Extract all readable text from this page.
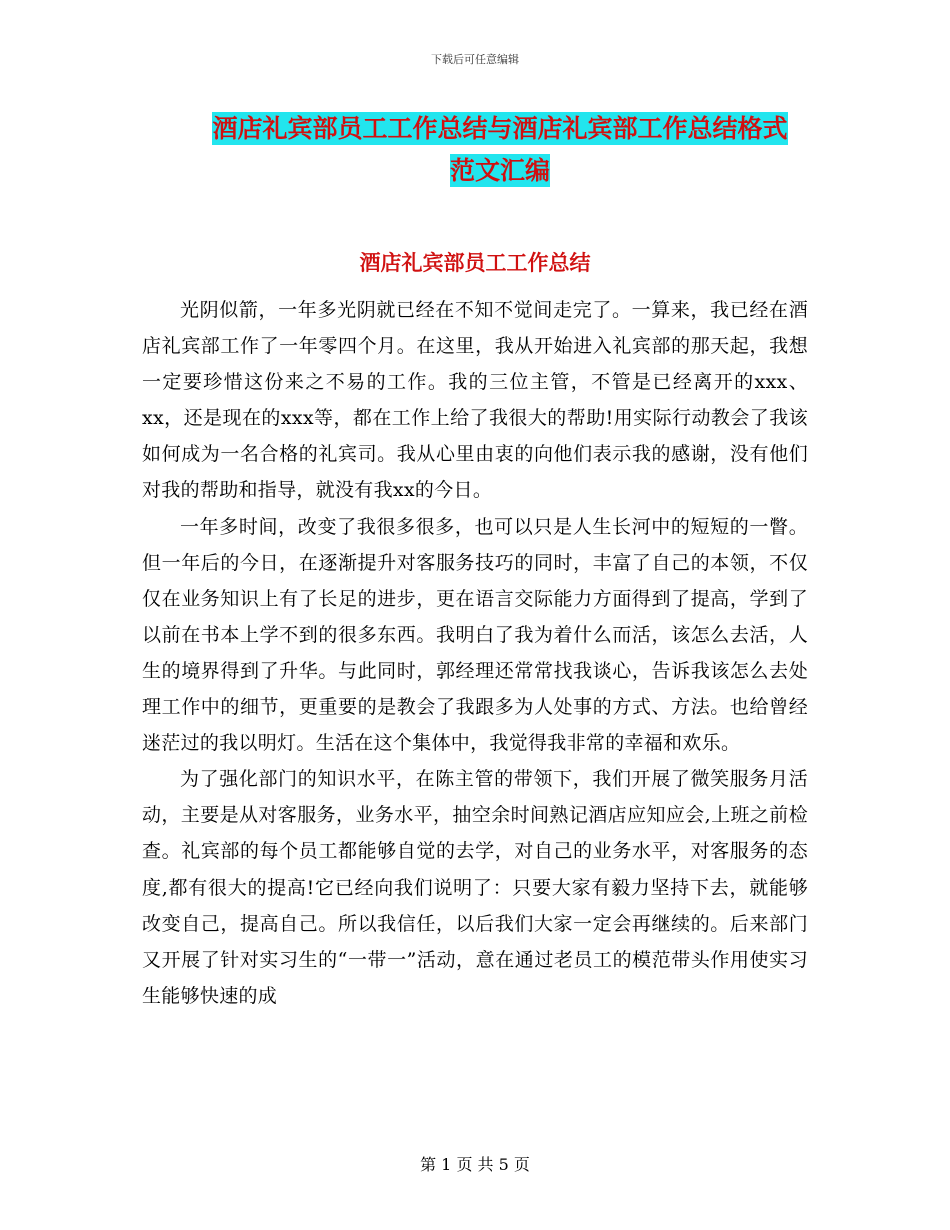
下载后可任意编辑
酒店礼宾部员工工作总结与酒店礼宾部工作总结格式
范文汇编
酒店礼宾部员工工作总结

光阴似箭，一年多光阴就已经在不知不觉间走完了。一算来，我已经在酒店礼宾部工作了一年零四个月。在这里，我从开始进入礼宾部的那天起，我想一定要珍惜这份来之不易的工作。我的三位主管，不管是已经离开的xxx、xx，还是现在的xxx等，都在工作上给了我很大的帮助!用实际行动教会了我该如何成为一名合格的礼宾司。我从心里由衷的向他们表示我的感谢，没有他们对我的帮助和指导，就没有我xx的今日。

一年多时间，改变了我很多很多，也可以只是人生长河中的短短的一瞥。但一年后的今日，在逐渐提升对客服务技巧的同时，丰富了自己的本领，不仅仅在业务知识上有了长足的进步，更在语言交际能力方面得到了提高，学到了以前在书本上学不到的很多东西。我明白了我为着什么而活，该怎么去活，人生的境界得到了升华。与此同时，郭经理还常常找我谈心，告诉我该怎么去处理工作中的细节，更重要的是教会了我跟多为人处事的方式、方法。也给曾经迷茫过的我以明灯。生活在这个集体中，我觉得我非常的幸福和欢乐。

为了强化部门的知识水平，在陈主管的带领下，我们开展了微笑服务月活动，主要是从对客服务，业务水平，抽空余时间熟记酒店应知应会,上班之前检查。礼宾部的每个员工都能够自觉的去学，对自己的业务水平，对客服务的态度,都有很大的提高!它已经向我们说明了：只要大家有毅力坚持下去，就能够改变自己，提高自己。所以我信任，以后我们大家一定会再继续的。后来部门又开展了针对实习生的“一带一”活动，意在通过老员工的模范带头作用使实习生能够快速的成

第 1 页 共 5 页
